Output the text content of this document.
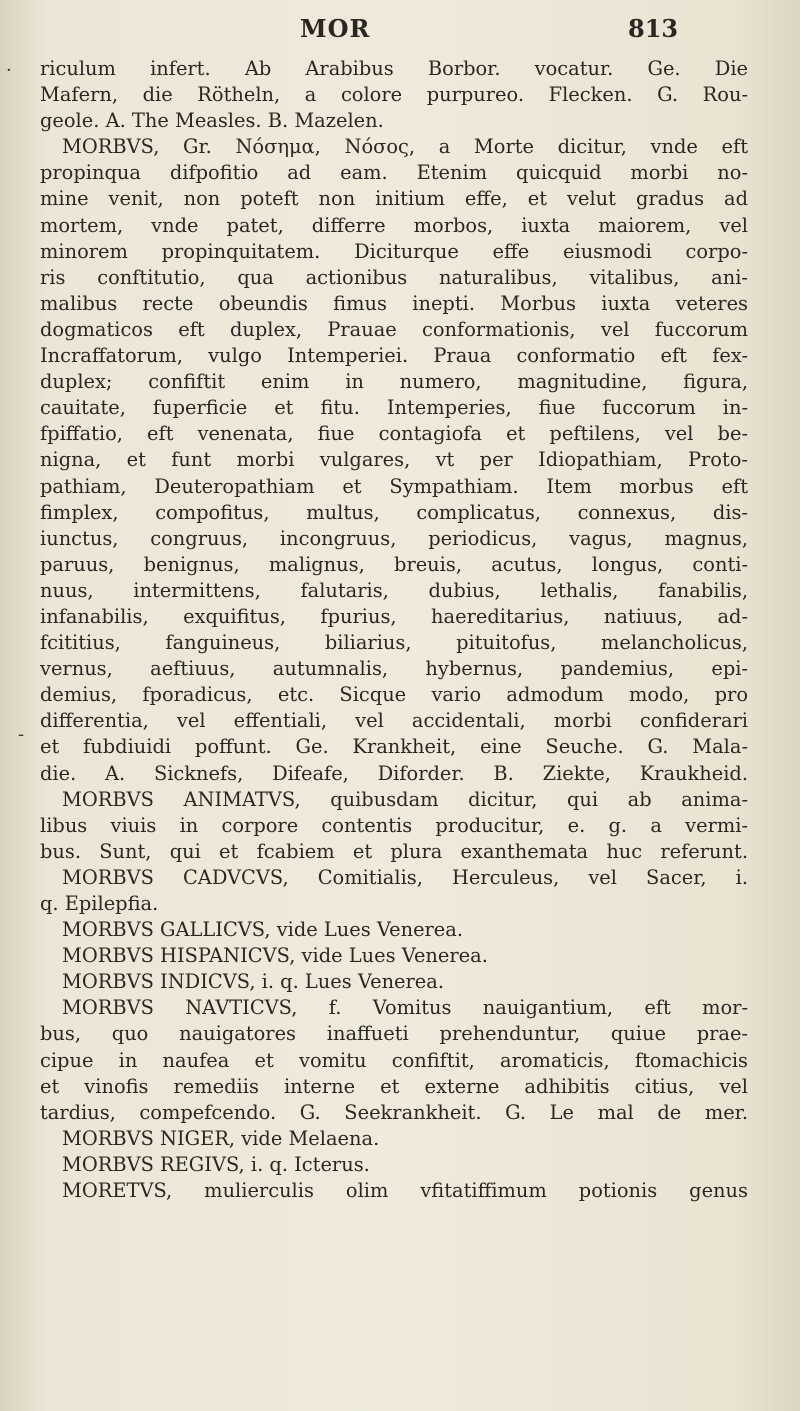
MOR	813
riculum infert. Ab Arabibus Borbor. vocatur. Ge. Die
Mafern, die Rötheln, a colore purpureo. Flecken. G. Rou-
geole. A. The Measles. B. Mazelen.
MORBVS, Gr. Νόσημα, Νόσος, a Morte dicitur, vnde eft
propinqua difpofitio ad eam. Etenim quicquid morbi no-
mine venit, non poteft non initium effe, et velut gradus ad
mortem, vnde patet, differre morbos, iuxta maiorem, vel
minorem propinquitatem. Diciturque effe eiusmodi corpo-
ris conftitutio, qua actionibus naturalibus, vitalibus, ani-
malibus recte obeundis fimus inepti. Morbus iuxta veteres
dogmaticos eft duplex, Prauae conformationis, vel fuccorum
Incraffatorum, vulgo Intemperiei. Praua conformatio eft fex-
duplex; confiftit enim in numero, magnitudine, figura,
cauitate, fuperficie et fitu. Intemperies, fiue fuccorum in-
fpiffatio, eft venenata, fiue contagiofa et peftilens, vel be-
nigna, et funt morbi vulgares, vt per Idiopathiam, Proto-
pathiam, Deuteropathiam et Sympathiam. Item morbus eft
fimplex, compofitus, multus, complicatus, connexus, dis-
iunctus, congruus, incongruus, periodicus, vagus, magnus,
paruus, benignus, malignus, breuis, acutus, longus, conti-
nuus, intermittens, falutaris, dubius, lethalis, fanabilis,
infanabilis, exquifitus, fpurius, haereditarius, natiuus, ad-
fcititius, fanguineus, biliarius, pituitofus, melancholicus,
vernus, aeftiuus, autumnalis, hybernus, pandemius, epi-
demius, fporadicus, etc. Sicque vario admodum modo, pro
differentia, vel effentiali, vel accidentali, morbi confiderari
et fubdiuidi poffunt. Ge. Krankheit, eine Seuche. G. Mala-
die. A. Sicknefs, Difeafe, Diforder. B. Ziekte, Kraukheid.
MORBVS ANIMATVS, quibusdam dicitur, qui ab anima-
libus viuis in corpore contentis producitur, e. g. a vermi-
bus. Sunt, qui et fcabiem et plura exanthemata huc referunt.
MORBVS CADVCVS, Comitialis, Herculeus, vel Sacer, i.
q. Epilepfia.
MORBVS GALLICVS, vide Lues Venerea.
MORBVS HISPANICVS, vide Lues Venerea.
MORBVS INDICVS, i. q. Lues Venerea.
MORBVS NAVTICVS, f. Vomitus nauigantium, eft mor-
bus, quo nauigatores inaffueti prehenduntur, quiue prae-
cipue in naufea et vomitu confiftit, aromaticis, ftomachicis
et vinofis remediis interne et externe adhibitis citius, vel
tardius, compefcendo. G. Seekrankheit. G. Le mal de mer.
MORBVS NIGER, vide Melaena.
MORBVS REGIVS, i. q. Icterus.
MORETVS, mulierculis olim vfitatiffimum potionis genus
·
-
